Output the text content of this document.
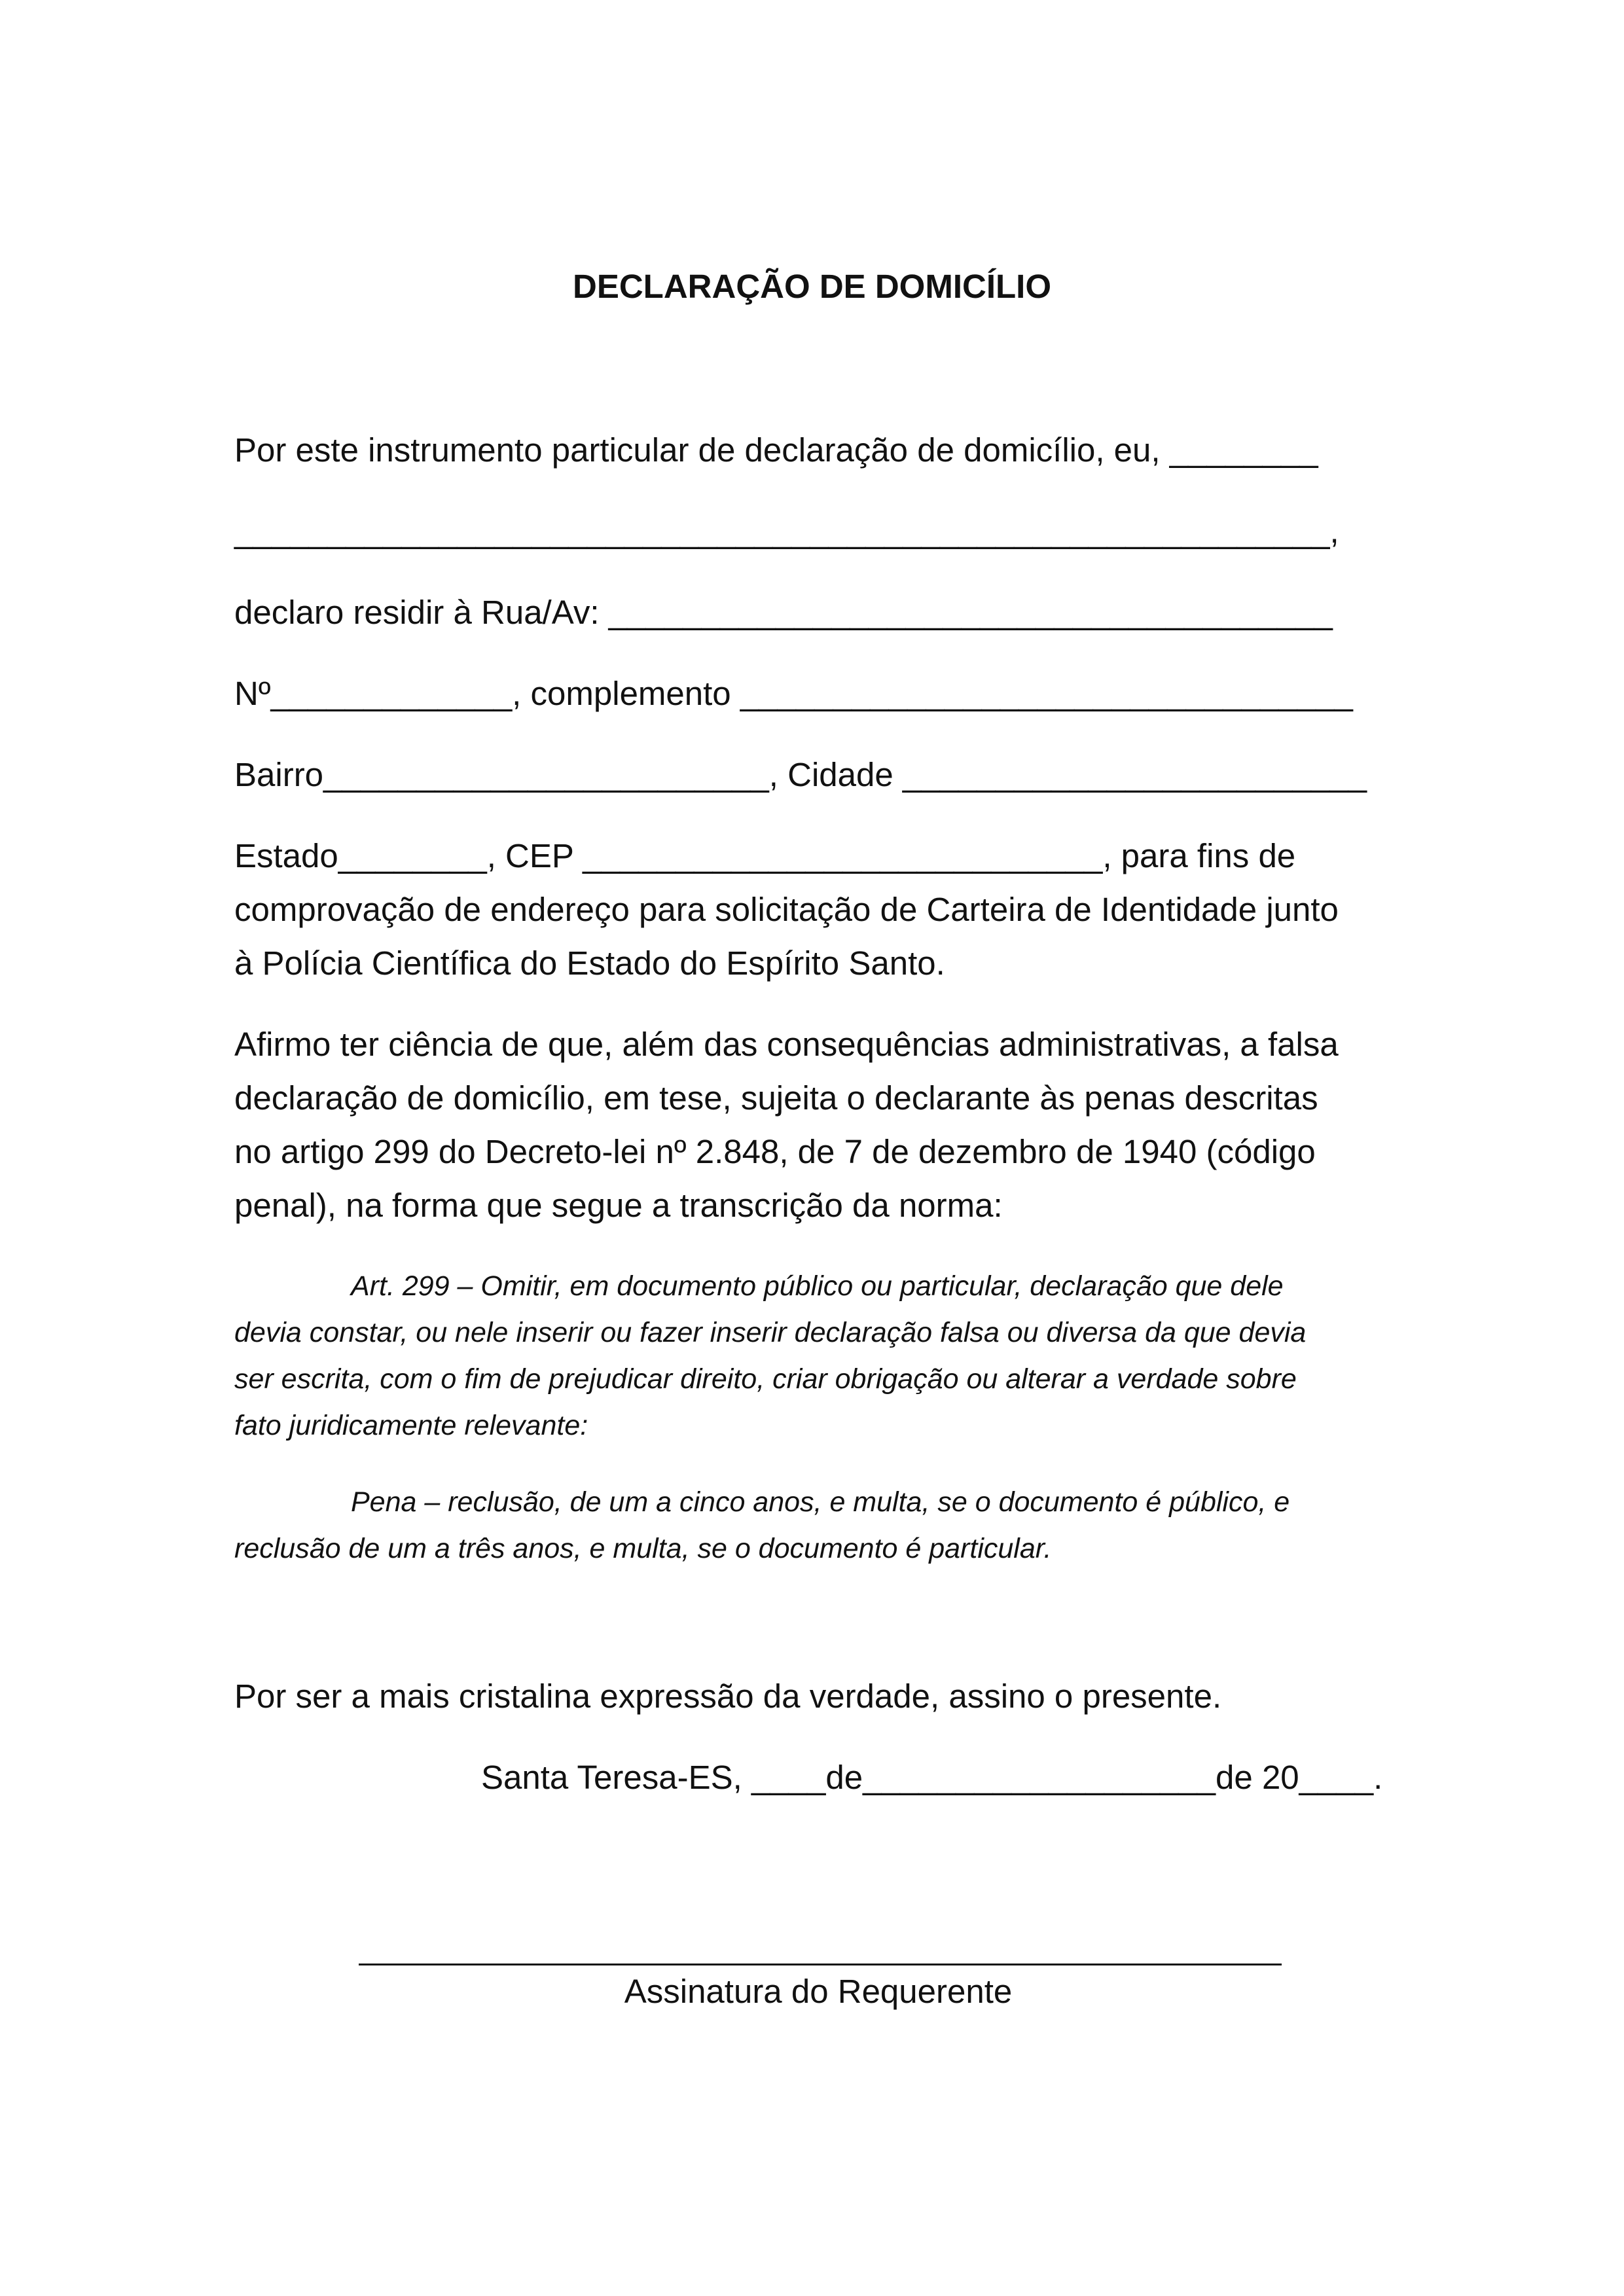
DECLARAÇÃO DE DOMICÍLIO
Por este instrumento particular de declaração de domicílio, eu, ________
___________________________________________________________,
declaro residir à Rua/Av: _______________________________________
Nº_____________, complemento _________________________________
Bairro________________________, Cidade _________________________
Estado________, CEP ____________________________, para fins de
comprovação de endereço para solicitação de Carteira de Identidade junto
à Polícia Científica do Estado do Espírito Santo.
Afirmo ter ciência de que, além das consequências administrativas, a falsa
declaração de domicílio, em tese, sujeita o declarante às penas descritas
no artigo 299 do Decreto-lei nº 2.848, de 7 de dezembro de 1940 (código
penal), na forma que segue a transcrição da norma:
Art. 299 – Omitir, em documento público ou particular, declaração que dele
devia constar, ou nele inserir ou fazer inserir declaração falsa ou diversa da que devia
ser escrita, com o fim de prejudicar direito, criar obrigação ou alterar a verdade sobre
fato juridicamente relevante:
Pena – reclusão, de um a cinco anos, e multa, se o documento é público, e
reclusão de um a três anos, e multa, se o documento é particular.
Por ser a mais cristalina expressão da verdade, assino o presente.
Santa Teresa-ES, ____de___________________de 20____.
Assinatura do Requerente
